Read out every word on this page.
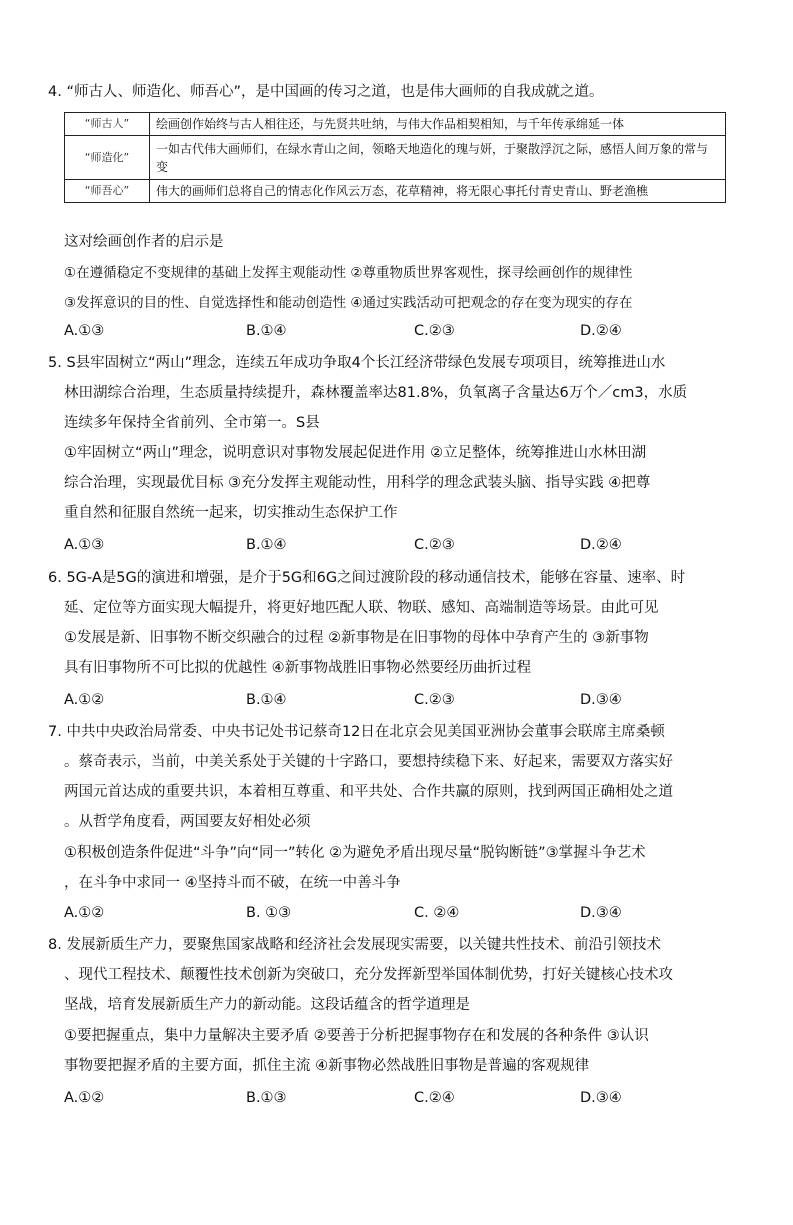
4. “师古人、师造化、师吾心”，是中国画的传习之道，也是伟大画师的自我成就之道。
“师古人”	绘画创作始终与古人相往还，与先贤共吐纳，与伟大作品相契相知，与千年传承绵延一体
“师造化”	一如古代伟大画师们，在绿水青山之间，领略天地造化的瑰与妍，于聚散浮沉之际，感悟人间万象的常与变
“师吾心”	伟大的画师们总将自己的情志化作风云万态，花草精神，将无限心事托付青史青山、野老渔樵
这对绘画创作者的启示是
①在遵循稳定不变规律的基础上发挥主观能动性 ②尊重物质世界客观性，探寻绘画创作的规律性
③发挥意识的目的性、自觉选择性和能动创造性 ④通过实践活动可把观念的存在变为现实的存在
A.①③	B.①④	C.②③	D.②④
5. S县牢固树立“两山”理念，连续五年成功争取4个长江经济带绿色发展专项项目，统筹推进山水
林田湖综合治理，生态质量持续提升，森林覆盖率达81.8%，负氧离子含量达6万个／cm3，水质
连续多年保持全省前列、全市第一。S县
①牢固树立“两山”理念，说明意识对事物发展起促进作用 ②立足整体，统筹推进山水林田湖
综合治理，实现最优目标 ③充分发挥主观能动性，用科学的理念武装头脑、指导实践 ④把尊
重自然和征服自然统一起来，切实推动生态保护工作
A.①③	B.①④	C.②③	D.②④
6. 5G-A是5G的演进和增强，是介于5G和6G之间过渡阶段的移动通信技术，能够在容量、速率、时
延、定位等方面实现大幅提升，将更好地匹配人联、物联、感知、高端制造等场景。由此可见
①发展是新、旧事物不断交织融合的过程 ②新事物是在旧事物的母体中孕育产生的 ③新事物
具有旧事物所不可比拟的优越性 ④新事物战胜旧事物必然要经历曲折过程
A.①②	B.①④	C.②③	D.③④
7. 中共中央政治局常委、中央书记处书记蔡奇12日在北京会见美国亚洲协会董事会联席主席桑顿
。蔡奇表示，当前，中美关系处于关键的十字路口，要想持续稳下来、好起来，需要双方落实好
两国元首达成的重要共识，本着相互尊重、和平共处、合作共赢的原则，找到两国正确相处之道
。从哲学角度看，两国要友好相处必须
①积极创造条件促进“斗争”向“同一”转化 ②为避免矛盾出现尽量“脱钩断链”③掌握斗争艺术
，在斗争中求同一 ④坚持斗而不破，在统一中善斗争
A.①②	B. ①③	C. ②④	D.③④
8. 发展新质生产力，要聚焦国家战略和经济社会发展现实需要，以关键共性技术、前沿引领技术
、现代工程技术、颠覆性技术创新为突破口，充分发挥新型举国体制优势，打好关键核心技术攻
坚战，培育发展新质生产力的新动能。这段话蕴含的哲学道理是
①要把握重点，集中力量解决主要矛盾 ②要善于分析把握事物存在和发展的各种条件 ③认识
事物要把握矛盾的主要方面，抓住主流 ④新事物必然战胜旧事物是普遍的客观规律
A.①②	B.①③	C.②④	D.③④
